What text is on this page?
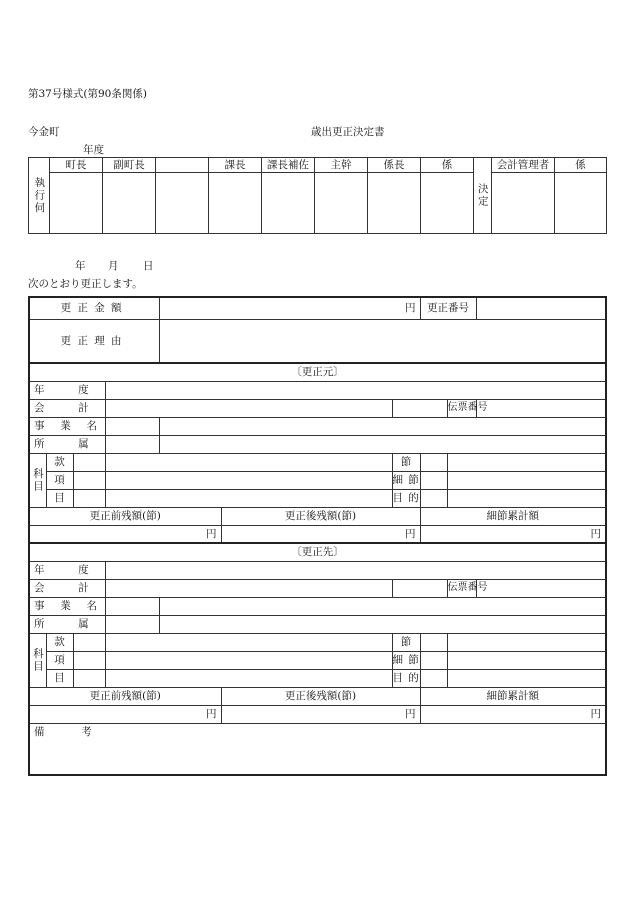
第37号様式(第90条関係)
今金町	歳出更正決定書
年度
執行伺	町長	副町長		課長	課長補佐	主幹	係長	係	決定	会計管理者	係

年 月 日
次のとおり更正します。
更正金額				円			更正番号		
更正理由									
〔更正元〕									
年度									
会計								伝票番号	
事業名									
所属									
科目	款					節			
	項					細節			
	目					目的			
更正前残額(節)					更正後残額(節)		細節累計額		
円					円		円		
〔更正先〕									
年度									
会計								伝票番号	
事業名									
所属									
科目	款					節			
	項					細節			
	目					目的			
更正前残額(節)					更正後残額(節)		細節累計額		
円					円		円		
備考									
